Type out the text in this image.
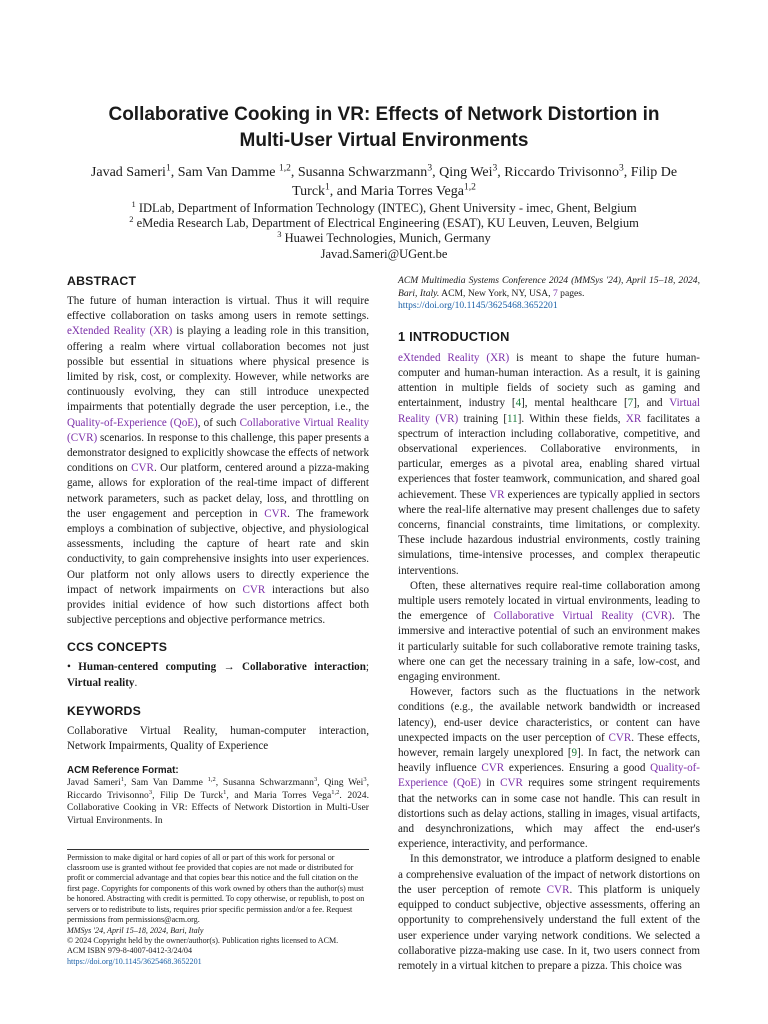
Collaborative Cooking in VR: Effects of Network Distortion in
Multi-User Virtual Environments
Javad Sameri$^1$, Sam Van Damme $^{1,2}$, Susanna Schwarzmann$^3$, Qing Wei$^3$, Riccardo Trivisonno$^3$, Filip De Turck$^1$, and Maria Torres Vega$^{1,2}$
$^1$ IDLab, Department of Information Technology (INTEC), Ghent University - imec, Ghent, Belgium
$^2$ eMedia Research Lab, Department of Electrical Engineering (ESAT), KU Leuven, Leuven, Belgium
$^3$ Huawei Technologies, Munich, Germany
Javad.Sameri@UGent.be
ABSTRACT

The future of human interaction is virtual. Thus it will require effective collaboration on tasks among users in remote settings. eXtended Reality (XR) is playing a leading role in this transition, offering a realm where virtual collaboration becomes not just possible but essential in situations where physical presence is limited by risk, cost, or complexity. However, while networks are continuously evolving, they can still introduce unexpected impairments that potentially degrade the user perception, i.e., the Quality-of-Experience (QoE), of such Collaborative Virtual Reality (CVR) scenarios. In response to this challenge, this paper presents a demonstrator designed to explicitly showcase the effects of network conditions on CVR. Our platform, centered around a pizza-making game, allows for exploration of the real-time impact of different network parameters, such as packet delay, loss, and throttling on the user engagement and perception in CVR. The framework employs a combination of subjective, objective, and physiological assessments, including the capture of heart rate and skin conductivity, to gain comprehensive insights into user experiences. Our platform not only allows users to directly experience the impact of network impairments on CVR interactions but also provides initial evidence of how such distortions affect both subjective perceptions and objective performance metrics.

CCS CONCEPTS

• Human-centered computing → Collaborative interaction; Virtual reality.

KEYWORDS

Collaborative Virtual Reality, human-computer interaction, Network Impairments, Quality of Experience

ACM Reference Format:
Javad Sameri$^1$, Sam Van Damme $^{1,2}$, Susanna Schwarzmann$^3$, Qing Wei$^3$, Riccardo Trivisonno$^3$, Filip De Turck$^1$, and Maria Torres Vega$^{1,2}$. 2024. Collaborative Cooking in VR: Effects of Network Distortion in Multi-User Virtual Environments. In

Permission to make digital or hard copies of all or part of this work for personal or classroom use is granted without fee provided that copies are not made or distributed for profit or commercial advantage and that copies bear this notice and the full citation on the first page. Copyrights for components of this work owned by others than the author(s) must be honored. Abstracting with credit is permitted. To copy otherwise, or republish, to post on servers or to redistribute to lists, requires prior specific permission and/or a fee. Request permissions from permissions@acm.org.

MMSys '24, April 15–18, 2024, Bari, Italy

© 2024 Copyright held by the owner/author(s). Publication rights licensed to ACM.

ACM ISBN 979-8-4007-0412-3/24/04

https://doi.org/10.1145/3625468.3652201

ACM Multimedia Systems Conference 2024 (MMSys '24), April 15–18, 2024, Bari, Italy. ACM, New York, NY, USA, 7 pages.
https://doi.org/10.1145/3625468.3652201
1 INTRODUCTION

eXtended Reality (XR) is meant to shape the future human-computer and human-human interaction. As a result, it is gaining attention in multiple fields of society such as gaming and entertainment, industry [4], mental healthcare [7], and Virtual Reality (VR) training [11]. Within these fields, XR facilitates a spectrum of interaction including collaborative, competitive, and observational experiences. Collaborative environments, in particular, emerges as a pivotal area, enabling shared virtual experiences that foster teamwork, communication, and shared goal achievement. These VR experiences are typically applied in sectors where the real-life alternative may present challenges due to safety concerns, financial constraints, time limitations, or complexity. These include hazardous industrial environments, costly training simulations, time-intensive processes, and complex therapeutic interventions.

Often, these alternatives require real-time collaboration among multiple users remotely located in virtual environments, leading to the emergence of Collaborative Virtual Reality (CVR). The immersive and interactive potential of such an environment makes it particularly suitable for such collaborative remote training tasks, where one can get the necessary training in a safe, low-cost, and engaging environment.

However, factors such as the fluctuations in the network conditions (e.g., the available network bandwidth or increased latency), end-user device characteristics, or content can have unexpected impacts on the user perception of CVR. These effects, however, remain largely unexplored [9]. In fact, the network can heavily influence CVR experiences. Ensuring a good Quality-of-Experience (QoE) in CVR requires some stringent requirements that the networks can in some case not handle. This can result in distortions such as delay actions, stalling in images, visual artifacts, and desynchronizations, which may affect the end-user's experience, interactivity, and performance.

In this demonstrator, we introduce a platform designed to enable a comprehensive evaluation of the impact of network distortions on the user perception of remote CVR. This platform is uniquely equipped to conduct subjective, objective assessments, offering an opportunity to comprehensively understand the full extent of the user experience under varying network conditions. We selected a collaborative pizza-making use case. In it, two users connect from remotely in a virtual kitchen to prepare a pizza. This choice was
